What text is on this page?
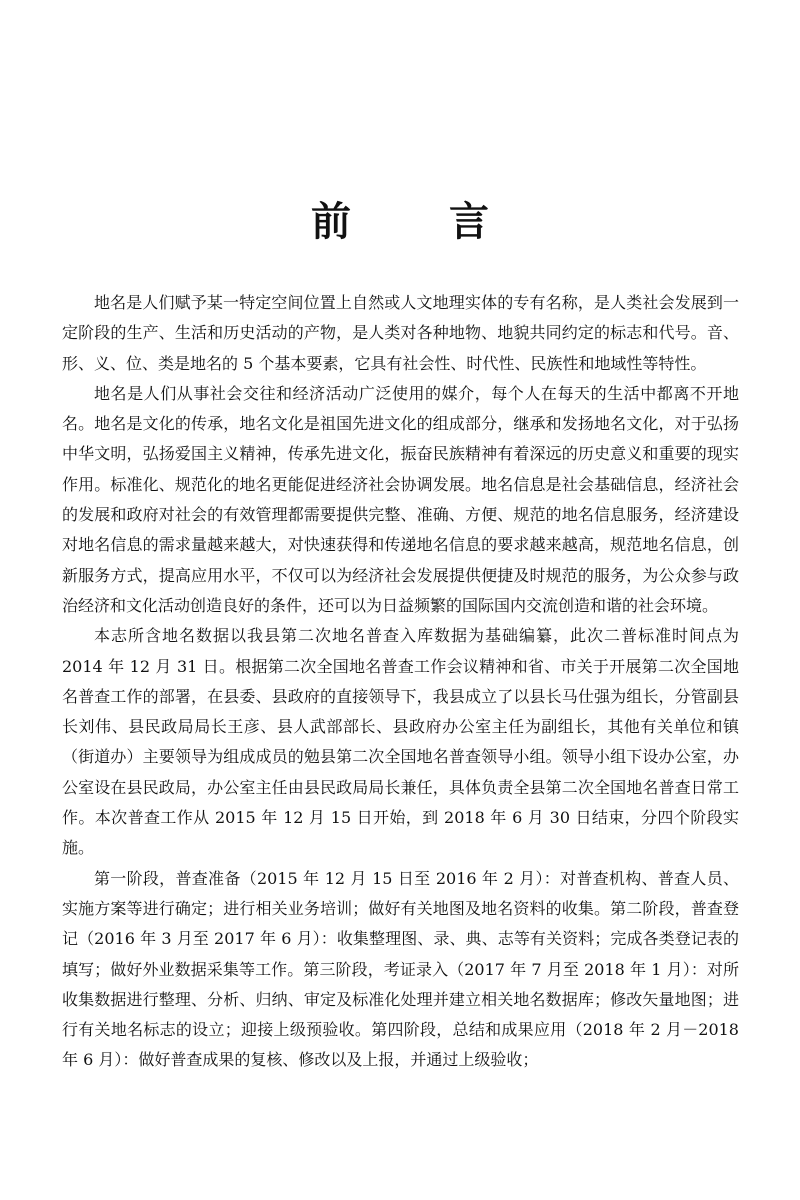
前 言

地名是人们赋予某一特定空间位置上自然或人文地理实体的专有名称，是人类社会发展到一定阶段的生产、生活和历史活动的产物，是人类对各种地物、地貌共同约定的标志和代号。音、形、义、位、类是地名的 5 个基本要素，它具有社会性、时代性、民族性和地域性等特性。

地名是人们从事社会交往和经济活动广泛使用的媒介，每个人在每天的生活中都离不开地名。地名是文化的传承，地名文化是祖国先进文化的组成部分，继承和发扬地名文化，对于弘扬中华文明，弘扬爱国主义精神，传承先进文化，振奋民族精神有着深远的历史意义和重要的现实作用。标准化、规范化的地名更能促进经济社会协调发展。地名信息是社会基础信息，经济社会的发展和政府对社会的有效管理都需要提供完整、准确、方便、规范的地名信息服务，经济建设对地名信息的需求量越来越大，对快速获得和传递地名信息的要求越来越高，规范地名信息，创新服务方式，提高应用水平，不仅可以为经济社会发展提供便捷及时规范的服务，为公众参与政治经济和文化活动创造良好的条件，还可以为日益频繁的国际国内交流创造和谐的社会环境。

本志所含地名数据以我县第二次地名普查入库数据为基础编纂，此次二普标准时间点为 2014 年 12 月 31 日。根据第二次全国地名普查工作会议精神和省、市关于开展第二次全国地名普查工作的部署，在县委、县政府的直接领导下，我县成立了以县长马仕强为组长，分管副县长刘伟、县民政局局长王彦、县人武部部长、县政府办公室主任为副组长，其他有关单位和镇（街道办）主要领导为组成成员的勉县第二次全国地名普查领导小组。领导小组下设办公室，办公室设在县民政局，办公室主任由县民政局局长兼任，具体负责全县第二次全国地名普查日常工作。本次普查工作从 2015 年 12 月 15 日开始，到 2018 年 6 月 30 日结束，分四个阶段实施。

第一阶段，普查准备（2015 年 12 月 15 日至 2016 年 2 月）：对普查机构、普查人员、实施方案等进行确定；进行相关业务培训；做好有关地图及地名资料的收集。第二阶段，普查登记（2016 年 3 月至 2017 年 6 月）：收集整理图、录、典、志等有关资料；完成各类登记表的填写；做好外业数据采集等工作。第三阶段，考证录入（2017 年 7 月至 2018 年 1 月）：对所收集数据进行整理、分析、归纳、审定及标准化处理并建立相关地名数据库；修改矢量地图；进行有关地名标志的设立；迎接上级预验收。第四阶段，总结和成果应用（2018 年 2 月－2018 年 6 月）：做好普查成果的复核、修改以及上报，并通过上级验收；
